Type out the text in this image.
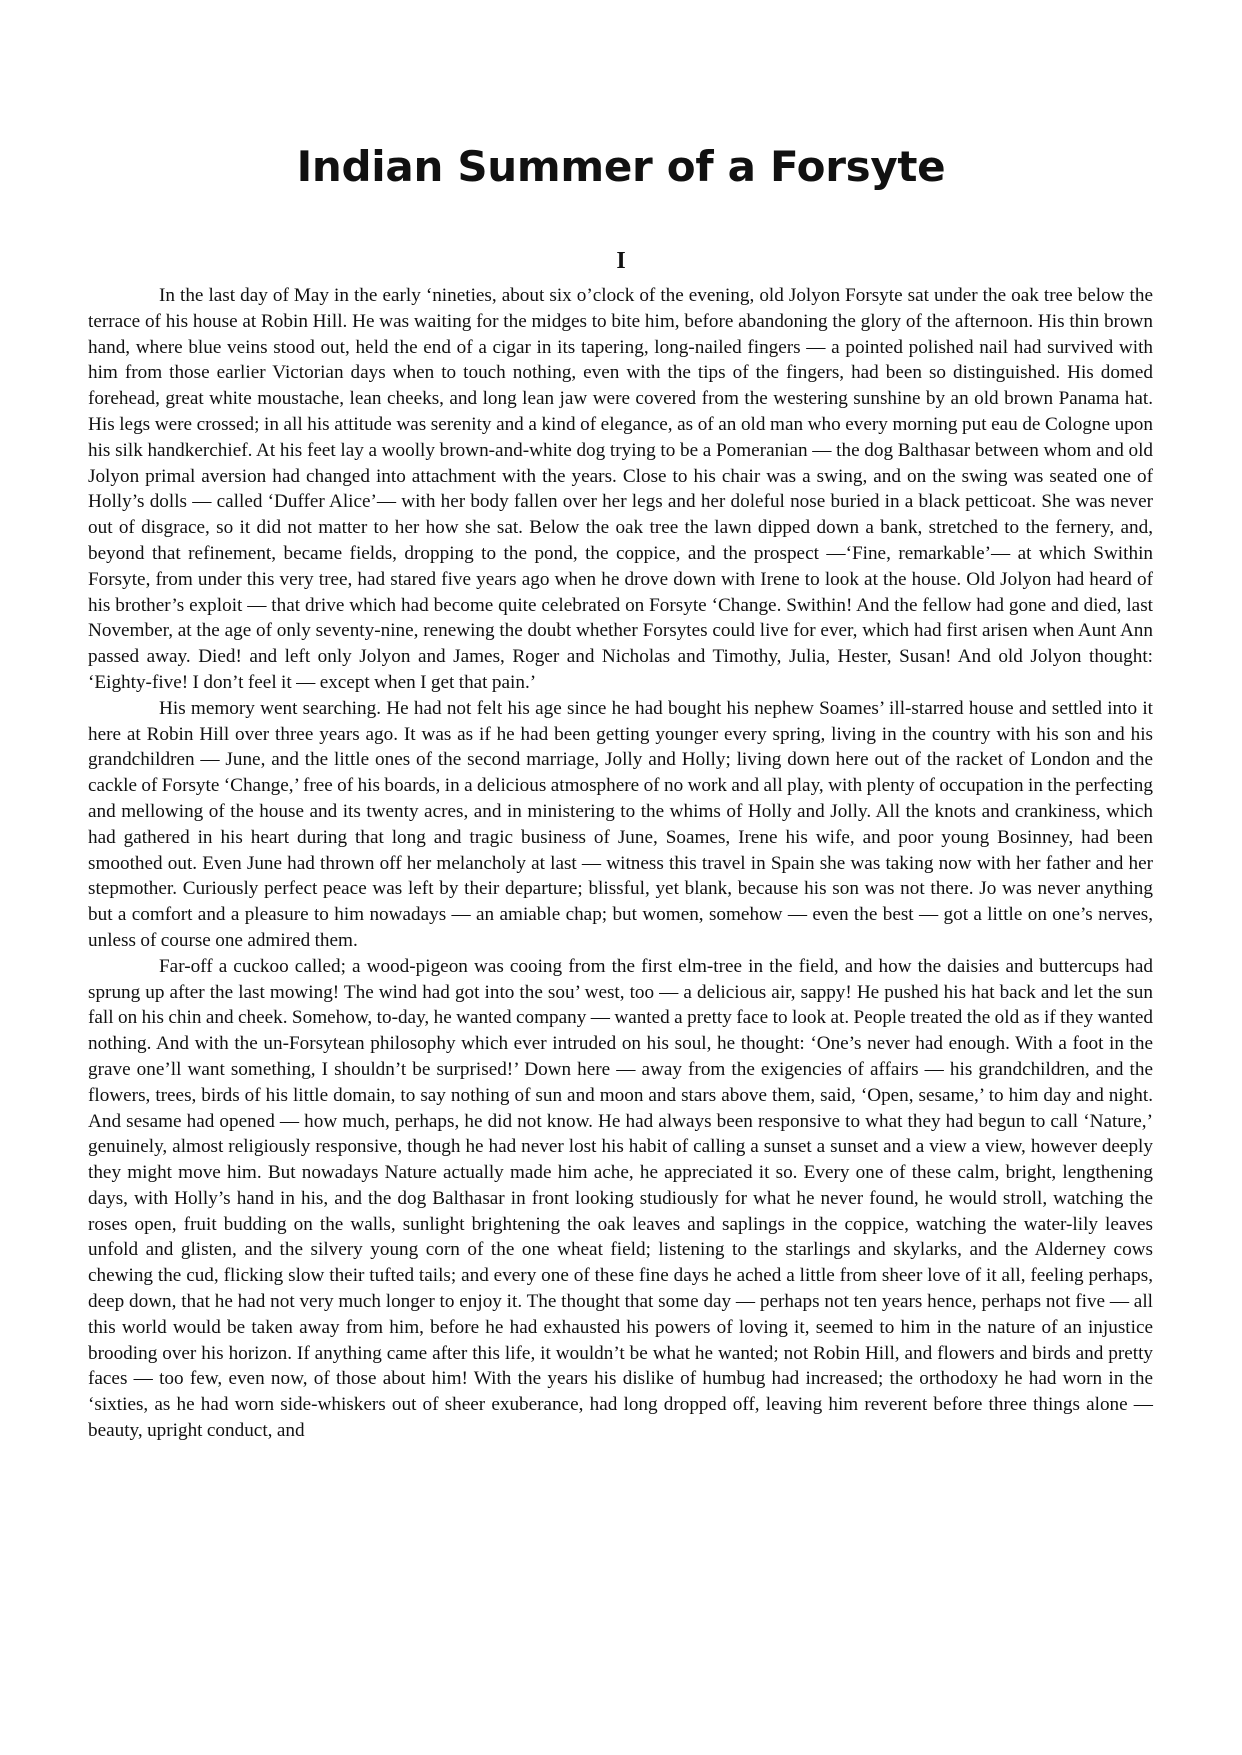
Indian Summer of a Forsyte
I

In the last day of May in the early ‘nineties, about six o’clock of the evening, old Jolyon Forsyte sat under the oak tree below the terrace of his house at Robin Hill. He was waiting for the midges to bite him, before abandoning the glory of the afternoon. His thin brown hand, where blue veins stood out, held the end of a cigar in its tapering, long-nailed fingers — a pointed polished nail had survived with him from those earlier Victorian days when to touch nothing, even with the tips of the fingers, had been so distinguished. His domed forehead, great white moustache, lean cheeks, and long lean jaw were covered from the westering sunshine by an old brown Panama hat. His legs were crossed; in all his attitude was serenity and a kind of elegance, as of an old man who every morning put eau de Cologne upon his silk handkerchief. At his feet lay a woolly brown-and-white dog trying to be a Pomeranian — the dog Balthasar between whom and old Jolyon primal aversion had changed into attachment with the years. Close to his chair was a swing, and on the swing was seated one of Holly’s dolls — called ‘Duffer Alice’— with her body fallen over her legs and her doleful nose buried in a black petticoat. She was never out of disgrace, so it did not matter to her how she sat. Below the oak tree the lawn dipped down a bank, stretched to the fernery, and, beyond that refinement, became fields, dropping to the pond, the coppice, and the prospect —‘Fine, remarkable’— at which Swithin Forsyte, from under this very tree, had stared five years ago when he drove down with Irene to look at the house. Old Jolyon had heard of his brother’s exploit — that drive which had become quite celebrated on Forsyte ‘Change. Swithin! And the fellow had gone and died, last November, at the age of only seventy-nine, renewing the doubt whether Forsytes could live for ever, which had first arisen when Aunt Ann passed away. Died! and left only Jolyon and James, Roger and Nicholas and Timothy, Julia, Hester, Susan! And old Jolyon thought: ‘Eighty-five! I don’t feel it — except when I get that pain.’

His memory went searching. He had not felt his age since he had bought his nephew Soames’ ill-starred house and settled into it here at Robin Hill over three years ago. It was as if he had been getting younger every spring, living in the country with his son and his grandchildren — June, and the little ones of the second marriage, Jolly and Holly; living down here out of the racket of London and the cackle of Forsyte ‘Change,’ free of his boards, in a delicious atmosphere of no work and all play, with plenty of occupation in the perfecting and mellowing of the house and its twenty acres, and in ministering to the whims of Holly and Jolly. All the knots and crankiness, which had gathered in his heart during that long and tragic business of June, Soames, Irene his wife, and poor young Bosinney, had been smoothed out. Even June had thrown off her melancholy at last — witness this travel in Spain she was taking now with her father and her stepmother. Curiously perfect peace was left by their departure; blissful, yet blank, because his son was not there. Jo was never anything but a comfort and a pleasure to him nowadays — an amiable chap; but women, somehow — even the best — got a little on one’s nerves, unless of course one admired them.

Far-off a cuckoo called; a wood-pigeon was cooing from the first elm-tree in the field, and how the daisies and buttercups had sprung up after the last mowing! The wind had got into the sou’ west, too — a delicious air, sappy! He pushed his hat back and let the sun fall on his chin and cheek. Somehow, to-day, he wanted company — wanted a pretty face to look at. People treated the old as if they wanted nothing. And with the un-Forsytean philosophy which ever intruded on his soul, he thought: ‘One’s never had enough. With a foot in the grave one’ll want something, I shouldn’t be surprised!’ Down here — away from the exigencies of affairs — his grandchildren, and the flowers, trees, birds of his little domain, to say nothing of sun and moon and stars above them, said, ‘Open, sesame,’ to him day and night. And sesame had opened — how much, perhaps, he did not know. He had always been responsive to what they had begun to call ‘Nature,’ genuinely, almost religiously responsive, though he had never lost his habit of calling a sunset a sunset and a view a view, however deeply they might move him. But nowadays Nature actually made him ache, he appreciated it so. Every one of these calm, bright, lengthening days, with Holly’s hand in his, and the dog Balthasar in front looking studiously for what he never found, he would stroll, watching the roses open, fruit budding on the walls, sunlight brightening the oak leaves and saplings in the coppice, watching the water-lily leaves unfold and glisten, and the silvery young corn of the one wheat field; listening to the starlings and skylarks, and the Alderney cows chewing the cud, flicking slow their tufted tails; and every one of these fine days he ached a little from sheer love of it all, feeling perhaps, deep down, that he had not very much longer to enjoy it. The thought that some day — perhaps not ten years hence, perhaps not five — all this world would be taken away from him, before he had exhausted his powers of loving it, seemed to him in the nature of an injustice brooding over his horizon. If anything came after this life, it wouldn’t be what he wanted; not Robin Hill, and flowers and birds and pretty faces — too few, even now, of those about him! With the years his dislike of humbug had increased; the orthodoxy he had worn in the ‘sixties, as he had worn side-whiskers out of sheer exuberance, had long dropped off, leaving him reverent before three things alone — beauty, upright conduct, and
